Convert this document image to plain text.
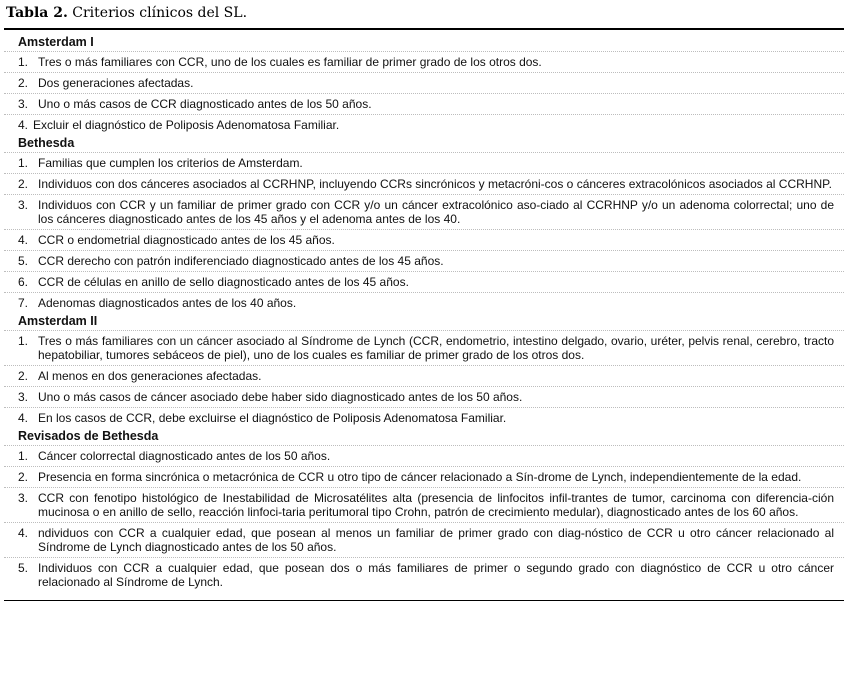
Tabla 2. Criterios clínicos del SL.
Amsterdam I
1. Tres o más familiares con CCR, uno de los cuales es familiar de primer grado de los otros dos.
2. Dos generaciones afectadas.
3. Uno o más casos de CCR diagnosticado antes de los 50 años.
4. Excluir el diagnóstico de Poliposis Adenomatosa Familiar.
Bethesda
1. Familias que cumplen los criterios de Amsterdam.
2. Individuos con dos cánceres asociados al CCRHNP, incluyendo CCRs sincrónicos y metacróni-cos o cánceres extracolónicos asociados al CCRHNP.
3. Individuos con CCR y un familiar de primer grado con CCR y/o un cáncer extracolónico aso-ciado al CCRHNP y/o un adenoma colorrectal; uno de los cánceres diagnosticado antes de los 45 años y el adenoma antes de los 40.
4. CCR o endometrial diagnosticado antes de los 45 años.
5. CCR derecho con patrón indiferenciado diagnosticado antes de los 45 años.
6. CCR de células en anillo de sello diagnosticado antes de los 45 años.
7. Adenomas diagnosticados antes de los 40 años.
Amsterdam II
1. Tres o más familiares con un cáncer asociado al Síndrome de Lynch (CCR, endometrio, intestino delgado, ovario, uréter, pelvis renal, cerebro, tracto hepatobiliar, tumores sebáceos de piel), uno de los cuales es familiar de primer grado de los otros dos.
2. Al menos en dos generaciones afectadas.
3. Uno o más casos de cáncer asociado debe haber sido diagnosticado antes de los 50 años.
4. En los casos de CCR, debe excluirse el diagnóstico de Poliposis Adenomatosa Familiar.
Revisados de Bethesda
1. Cáncer colorrectal diagnosticado antes de los 50 años.
2. Presencia en forma sincrónica o metacrónica de CCR u otro tipo de cáncer relacionado a Sín-drome de Lynch, independientemente de la edad.
3. CCR con fenotipo histológico de Inestabilidad de Microsatélites alta (presencia de linfocitos infil-trantes de tumor, carcinoma con diferencia-ción mucinosa o en anillo de sello, reacción linfoci-taria peritumoral tipo Crohn, patrón de crecimiento medular), diagnosticado antes de los 60 años.
4. ndividuos con CCR a cualquier edad, que posean al menos un familiar de primer grado con diag-nóstico de CCR u otro cáncer relacionado al Síndrome de Lynch diagnosticado antes de los 50 años.
5. Individuos con CCR a cualquier edad, que posean dos o más familiares de primer o segundo grado con diagnóstico de CCR u otro cáncer relacionado al Síndrome de Lynch.
